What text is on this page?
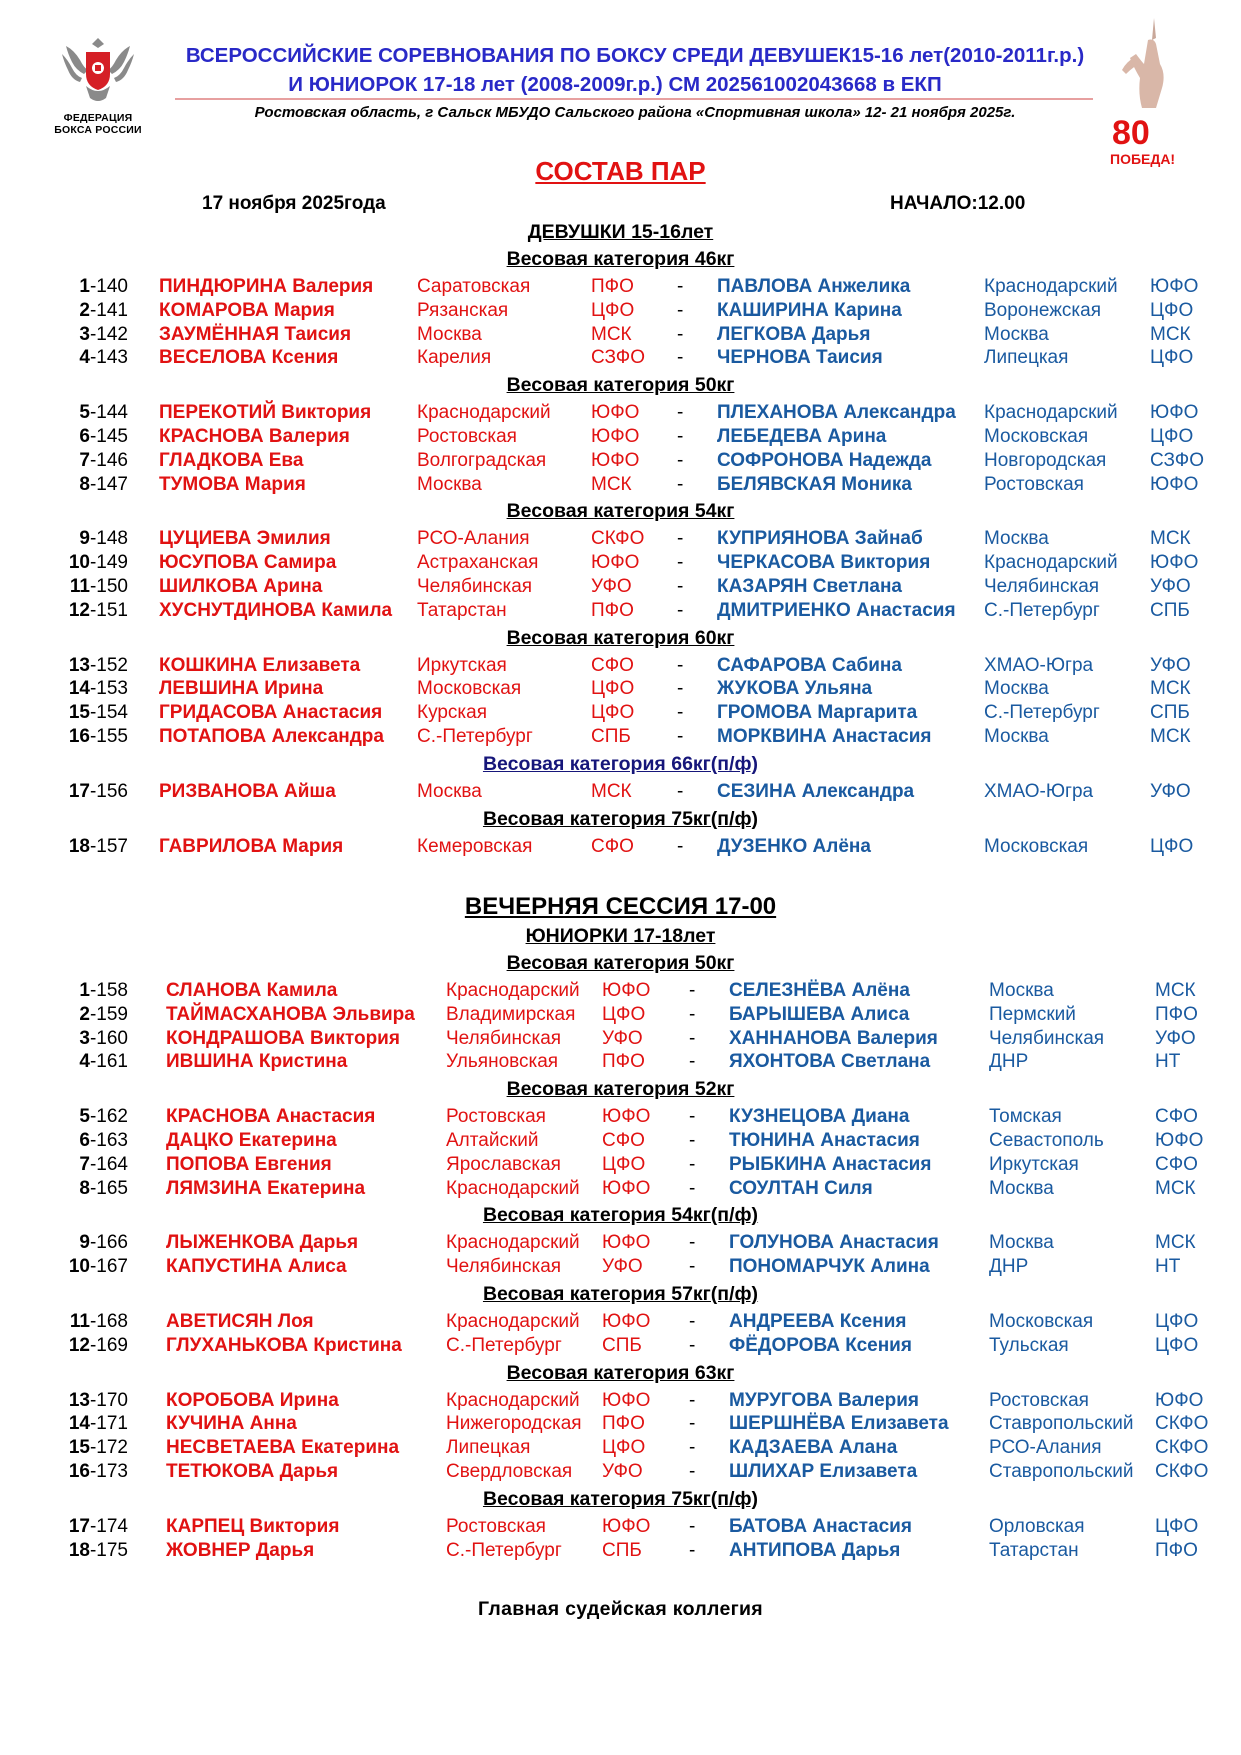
ФЕДЕРАЦИЯ
БОКСА РОССИИ
ВСЕРОССИЙСКИЕ СОРЕВНОВАНИЯ ПО БОКСУ СРЕДИ ДЕВУШЕК15-16 лет(2010-2011г.р.)
И ЮНИОРОК 17-18 лет (2008-2009г.р.) СМ 202561002043668 в ЕКП
Ростовская область, г Сальск МБУДО Сальского района «Спортивная школа» 12- 21 ноября 2025г.
80
ПОБЕДА!
СОСТАВ ПАР
17 ноября 2025года	НАЧАЛО:12.00
ДЕВУШКИ 15-16лет
Весовая категория 46кг
1-140 ПИНДЮРИНА Валерия Саратовская	ПФО - ПАВЛОВА Анжелика	Краснодарский ЮФО
2-141 КОМАРОВА Мария	Рязанская	ЦФО - КАШИРИНА Карина	Воронежская	ЦФО
3-142 ЗАУМЁННАЯ Таисия	Москва	МСК - ЛЕГКОВА Дарья	Москва	МСК
4-143 ВЕСЕЛОВА Ксения	Карелия	СЗФО - ЧЕРНОВА Таисия	Липецкая	ЦФО
Весовая категория 50кг
5-144 ПЕРЕКОТИЙ Виктория Краснодарский ЮФО - ПЛЕХАНОВА Александра Краснодарский ЮФО
6-145 КРАСНОВА Валерия	Ростовская	ЮФО - ЛЕБЕДЕВА Арина	Московская	ЦФО
7-146 ГЛАДКОВА Ева	Волгоградская ЮФО - СОФРОНОВА Надежда	Новгородская СЗФО
8-147 ТУМОВА Мария	Москва	МСК - БЕЛЯВСКАЯ Моника	Ростовская	ЮФО
Весовая категория 54кг
9-148 ЦУЦИЕВА Эмилия	РСО-Алания	СКФО - КУПРИЯНОВА Зайнаб	Москва	МСК
10-149 ЮСУПОВА Самира	Астраханская	ЮФО - ЧЕРКАСОВА Виктория	Краснодарский ЮФО
11-150 ШИЛКОВА Арина	Челябинская	УФО - КАЗАРЯН Светлана	Челябинская	УФО
12-151 ХУСНУТДИНОВА Камила Татарстан	ПФО - ДМИТРИЕНКО Анастасия С.-Петербург	СПБ
Весовая категория 60кг
13-152 КОШКИНА Елизавета	Иркутская	СФО - САФАРОВА Сабина	ХМАО-Югра	УФО
14-153 ЛЕВШИНА Ирина	Московская	ЦФО - ЖУКОВА Ульяна	Москва	МСК
15-154 ГРИДАСОВА Анастасия Курская	ЦФО - ГРОМОВА Маргарита	С.-Петербург	СПБ
16-155 ПОТАПОВА Александра С.-Петербург	СПБ - МОРКВИНА Анастасия	Москва	МСК
Весовая категория 66кг(п/ф)
17-156 РИЗВАНОВА Айша	Москва	МСК - СЕЗИНА Александра	ХМАО-Югра	УФО
Весовая категория 75кг(п/ф)
18-157 ГАВРИЛОВА Мария	Кемеровская	СФО - ДУЗЕНКО Алёна	Московская	ЦФО
ВЕЧЕРНЯЯ СЕССИЯ 17-00
ЮНИОРКИ 17-18лет
Весовая категория 50кг
1-158 СЛАНОВА Камила	Краснодарский ЮФО - СЕЛЕЗНЁВА Алёна	Москва	МСК
2-159 ТАЙМАСХАНОВА Эльвира Владимирская ЦФО - БАРЫШЕВА Алиса	Пермский	ПФО
3-160 КОНДРАШОВА Виктория Челябинская УФО - ХАННАНОВА Валерия	Челябинская	УФО
4-161 ИВШИНА Кристина	Ульяновская ПФО - ЯХОНТОВА Светлана	ДНР	НТ
Весовая категория 52кг
5-162 КРАСНОВА Анастасия	Ростовская	ЮФО - КУЗНЕЦОВА Диана	Томская	СФО
6-163 ДАЦКО Екатерина	Алтайский	СФО - ТЮНИНА Анастасия	Севастополь	ЮФО
7-164 ПОПОВА Евгения	Ярославская ЦФО - РЫБКИНА Анастасия	Иркутская	СФО
8-165 ЛЯМЗИНА Екатерина	Краснодарский ЮФО - СОУЛТАН Силя	Москва	МСК
Весовая категория 54кг(п/ф)
9-166 ЛЫЖЕНКОВА Дарья	Краснодарский ЮФО - ГОЛУНОВА Анастасия	Москва	МСК
10-167 КАПУСТИНА Алиса	Челябинская УФО - ПОНОМАРЧУК Алина	ДНР	НТ
Весовая категория 57кг(п/ф)
11-168 АВЕТИСЯН Лоя	Краснодарский ЮФО - АНДРЕЕВА Ксения	Московская	ЦФО
12-169 ГЛУХАНЬКОВА Кристина С.-Петербург СПБ - ФЁДОРОВА Ксения	Тульская	ЦФО
Весовая категория 63кг
13-170 КОРОБОВА Ирина	Краснодарский ЮФО - МУРУГОВА Валерия	Ростовская	ЮФО
14-171 КУЧИНА Анна	Нижегородская ПФО - ШЕРШНЁВА Елизавета Ставропольский СКФО
15-172 НЕСВЕТАЕВА Екатерина Липецкая	ЦФО - КАДЗАЕВА Алана	РСО-Алания	СКФО
16-173 ТЕТЮКОВА Дарья	Свердловская УФО - ШЛИХАР Елизавета	Ставропольский СКФО
Весовая категория 75кг(п/ф)
17-174 КАРПЕЦ Виктория	Ростовская	ЮФО - БАТОВА Анастасия	Орловская	ЦФО
18-175 ЖОВНЕР Дарья	С.-Петербург СПБ - АНТИПОВА Дарья	Татарстан	ПФО
Главная судейская коллегия
